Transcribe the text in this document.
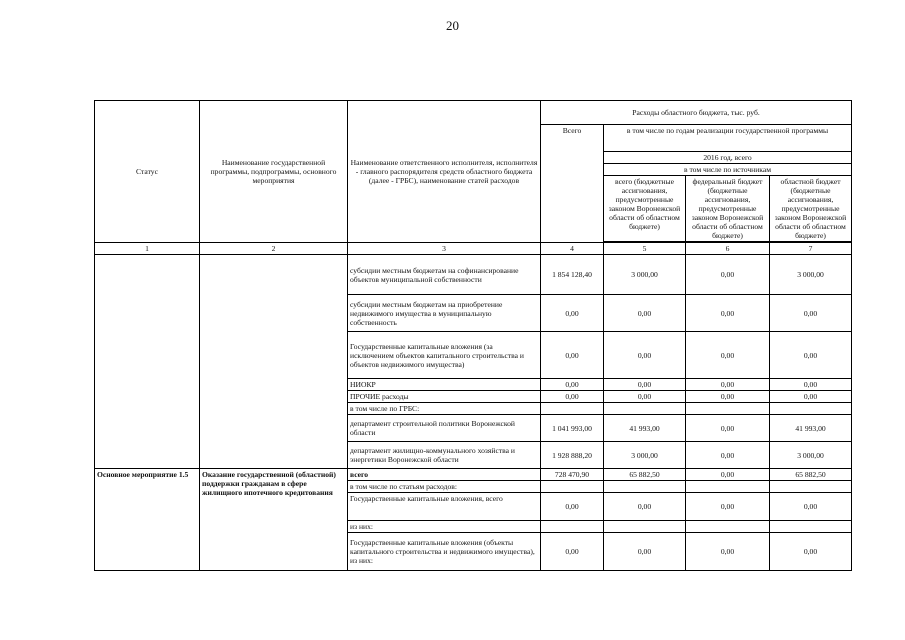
20
Статус	Наименование государственной программы, подпрограммы, основного мероприятия	Наименование ответственного исполнителя, исполнителя - главного распорядителя средств областного бюджета (далее - ГРБС), наименование статей расходов	Расходы областного бюджета, тыс. руб.			
			Всего	в том числе по годам реализации государственной программы		
				2016 год, всего		
				в том числе по источникам		
				всего (бюджетные ассигнования, предусмотренные законом Воронежской области об областном бюджете)	федеральный бюджет (бюджетные ассигнования, предусмотренные законом Воронежской области об областном бюджете)	областной бюджет (бюджетные ассигнования, предусмотренные законом Воронежской области об областном бюджете)

1	2	3	4	5	6	7
		субсидии местным бюджетам на софинансирование объектов муниципальной собственности	1 854 128,40	3 000,00	0,00	3 000,00
		субсидии местным бюджетам на приобретение недвижимого имущества в муниципальную собственность	0,00	0,00	0,00	0,00
		Государственные капитальные вложения (за исключением объектов капитального строительства и объектов недвижимого имущества)	0,00	0,00	0,00	0,00
		НИОКР	0,00	0,00	0,00	0,00
		ПРОЧИЕ расходы	0,00	0,00	0,00	0,00
		в том числе по ГРБС:				
		департамент строительной политики Воронежской области	1 041 993,00	41 993,00	0,00	41 993,00
		департамент жилищно-коммунального хозяйства и энергетики Воронежской области	1 928 888,20	3 000,00	0,00	3 000,00
Основное мероприятие 1.5	Оказание государственной (областной) поддержки гражданам в сфере жилищного ипотечного кредитования	всего	728 470,90	65 882,50	0,00	65 882,50
		в том числе по статьям расходов:				
		Государственные капитальные вложения, всего	0,00	0,00	0,00	0,00
		из них:				
		Государственные капитальные вложения (объекты капитального строительства и недвижимого имущества), из них:	0,00	0,00	0,00	0,00
